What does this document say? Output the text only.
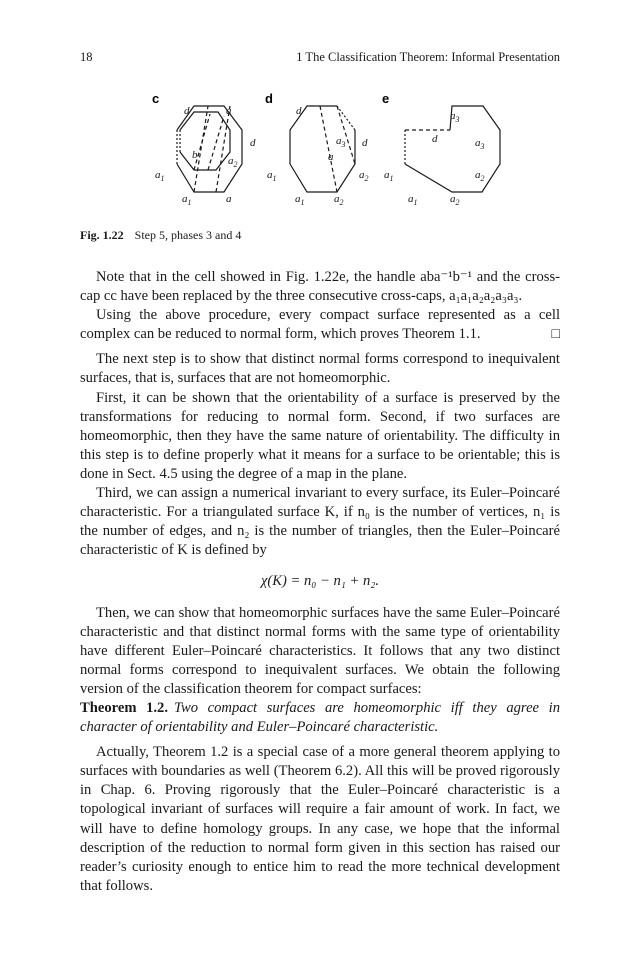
18	1 The Classification Theorem: Informal Presentation
c	d	e
d	a
d
b	$a_2$
$a_1$
$a_1$	a
d
$a_3$ d
a
$a_1$	$a_2$
$a_1$	$a_2$
$a_3$
d	$a_3$
$a_1$	$a_2$
$a_1$	$a_2$
Fig. 1.22 Step 5, phases 3 and 4

Note that in the cell showed in Fig. 1.22e, the handle aba⁻¹b⁻¹ and the cross-cap cc have been replaced by the three consecutive cross-caps, a₁a₁a₂a₂a₃a₃.

Using the above procedure, every compact surface represented as a cell complex can be reduced to normal form, which proves Theorem 1.1.	□

The next step is to show that distinct normal forms correspond to inequivalent surfaces, that is, surfaces that are not homeomorphic.

First, it can be shown that the orientability of a surface is preserved by the transformations for reducing to normal form. Second, if two surfaces are homeomorphic, then they have the same nature of orientability. The difficulty in this step is to define properly what it means for a surface to be orientable; this is done in Sect. 4.5 using the degree of a map in the plane.

Third, we can assign a numerical invariant to every surface, its Euler–Poincaré characteristic. For a triangulated surface K, if n₀ is the number of vertices, n₁ is the number of edges, and n₂ is the number of triangles, then the Euler–Poincaré characteristic of K is defined by

χ(K) = n₀ − n₁ + n₂.

Then, we can show that homeomorphic surfaces have the same Euler–Poincaré characteristic and that distinct normal forms with the same type of orientability have different Euler–Poincaré characteristics. It follows that any two distinct normal forms correspond to inequivalent surfaces. We obtain the following version of the classification theorem for compact surfaces:

Theorem 1.2. Two compact surfaces are homeomorphic iff they agree in character of orientability and Euler–Poincaré characteristic.

Actually, Theorem 1.2 is a special case of a more general theorem applying to surfaces with boundaries as well (Theorem 6.2). All this will be proved rigorously in Chap. 6. Proving rigorously that the Euler–Poincaré characteristic is a topological invariant of surfaces will require a fair amount of work. In fact, we will have to define homology groups. In any case, we hope that the informal description of the reduction to normal form given in this section has raised our reader’s curiosity enough to entice him to read the more technical development that follows.
